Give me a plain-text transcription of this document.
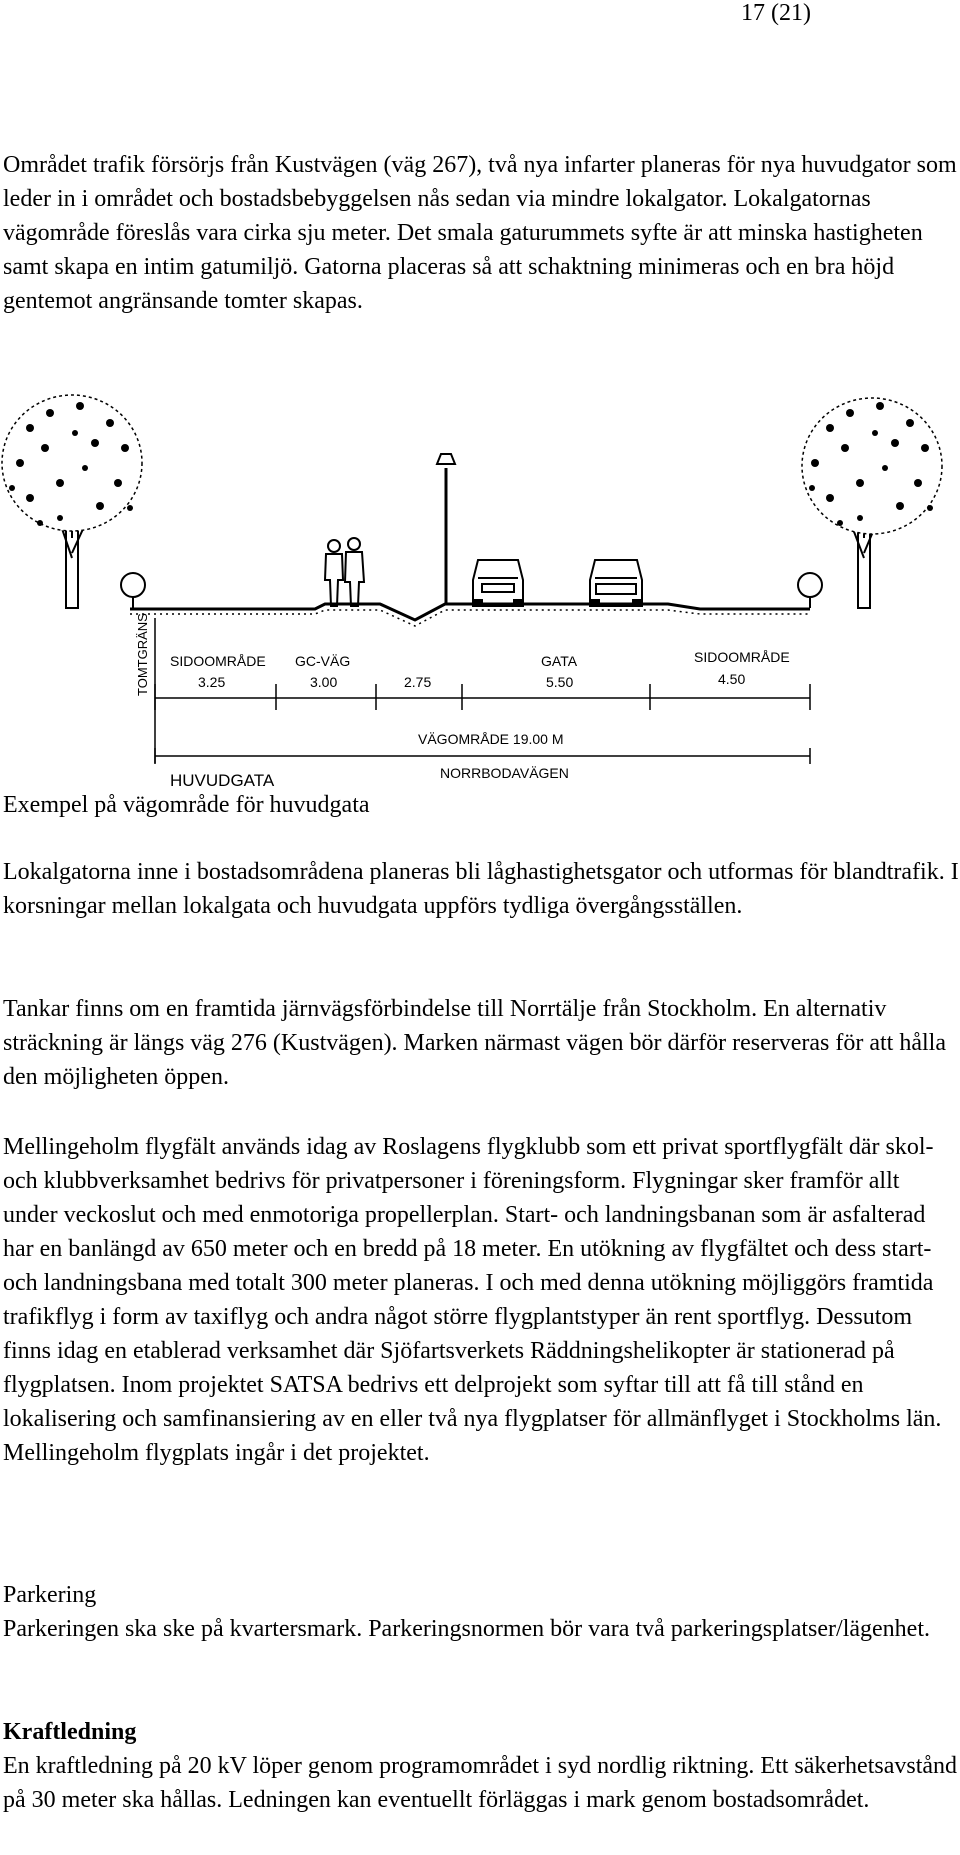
17 (21)

Området trafik försörjs från Kustvägen (väg 267), två nya infarter planeras för nya huvudgator som leder in i området och bostadsbebyggelsen nås sedan via mindre lokalgator. Lokalgatornas vägområde föreslås vara cirka sju meter. Det smala gaturummets syfte är att minska hastigheten samt skapa en intim gatumiljö. Gatorna placeras så att schaktning minimeras och en bra höjd gentemot angränsande tomter skapas.

TOMTGRÄNS SIDOOMRÅDE
3.25
GC-VÄG
3.00	2.75
GATA
5.50
SIDOOMRÅDE
4.50
VÄGOMRÅDE 19.00 M
NORRBODAVÄGEN
HUVUDGATA
Exempel på vägområde för huvudgata

Lokalgatorna inne i bostadsområdena planeras bli låghastighetsgator och utformas för blandtrafik. I korsningar mellan lokalgata och huvudgata uppförs tydliga övergångsställen.

Tankar finns om en framtida järnvägsförbindelse till Norrtälje från Stockholm. En alternativ sträckning är längs väg 276 (Kustvägen). Marken närmast vägen bör därför reserveras för att hålla den möjligheten öppen.

Mellingeholm flygfält används idag av Roslagens flygklubb som ett privat sportflygfält där skol- och klubbverksamhet bedrivs för privatpersoner i föreningsform. Flygningar sker framför allt under veckoslut och med enmotoriga propellerplan. Start- och landningsbanan som är asfalterad har en banlängd av 650 meter och en bredd på 18 meter. En utökning av flygfältet och dess start- och landningsbana med totalt 300 meter planeras. I och med denna utökning möjliggörs framtida trafikflyg i form av taxiflyg och andra något större flygplantstyper än rent sportflyg. Dessutom finns idag en etablerad verksamhet där Sjöfartsverkets Räddningshelikopter är stationerad på flygplatsen. Inom projektet SATSA bedrivs ett delprojekt som syftar till att få till stånd en lokalisering och samfinansiering av en eller två nya flygplatser för allmänflyget i Stockholms län. Mellingeholm flygplats ingår i det projektet.

Parkering

Parkeringen ska ske på kvartersmark. Parkeringsnormen bör vara två parkeringsplatser/lägenhet.

Kraftledning

En kraftledning på 20 kV löper genom programområdet i syd nordlig riktning. Ett säkerhetsavstånd på 30 meter ska hållas. Ledningen kan eventuellt förläggas i mark genom bostadsområdet.
